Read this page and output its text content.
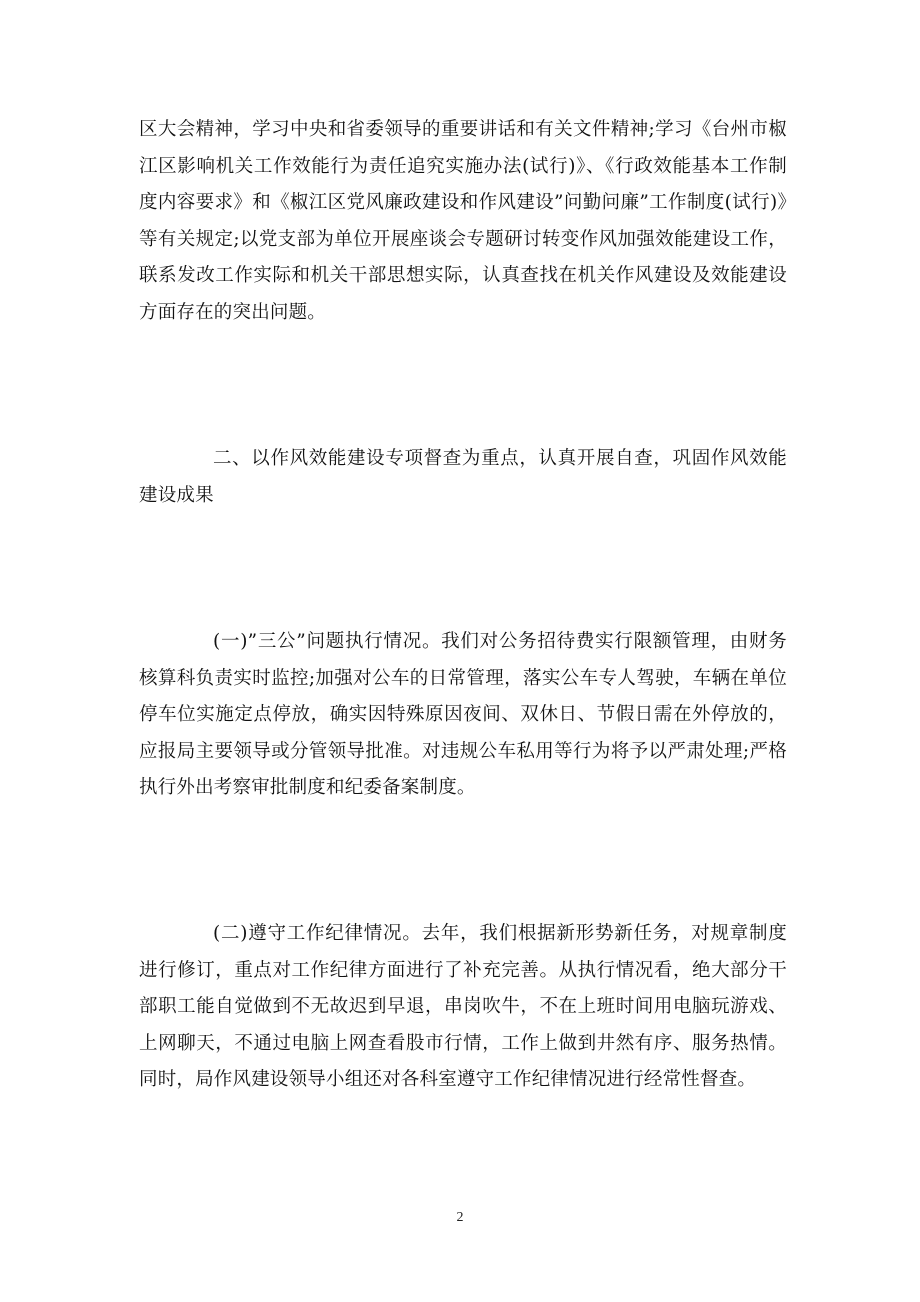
区大会精神，学习中央和省委领导的重要讲话和有关文件精神;学习《台州市椒江区影响机关工作效能行为责任追究实施办法(试行)》、《行政效能基本工作制度内容要求》和《椒江区党风廉政建设和作风建设”问勤问廉”工作制度(试行)》等有关规定;以党支部为单位开展座谈会专题研讨转变作风加强效能建设工作，联系发改工作实际和机关干部思想实际，认真查找在机关作风建设及效能建设方面存在的突出问题。

二、以作风效能建设专项督查为重点，认真开展自查，巩固作风效能建设成果

(一)”三公”问题执行情况。我们对公务招待费实行限额管理，由财务核算科负责实时监控;加强对公车的日常管理，落实公车专人驾驶，车辆在单位停车位实施定点停放，确实因特殊原因夜间、双休日、节假日需在外停放的，应报局主要领导或分管领导批准。对违规公车私用等行为将予以严肃处理;严格执行外出考察审批制度和纪委备案制度。

(二)遵守工作纪律情况。去年，我们根据新形势新任务，对规章制度进行修订，重点对工作纪律方面进行了补充完善。从执行情况看，绝大部分干部职工能自觉做到不无故迟到早退，串岗吹牛，不在上班时间用电脑玩游戏、上网聊天，不通过电脑上网查看股市行情，工作上做到井然有序、服务热情。同时，局作风建设领导小组还对各科室遵守工作纪律情况进行经常性督查。

2
